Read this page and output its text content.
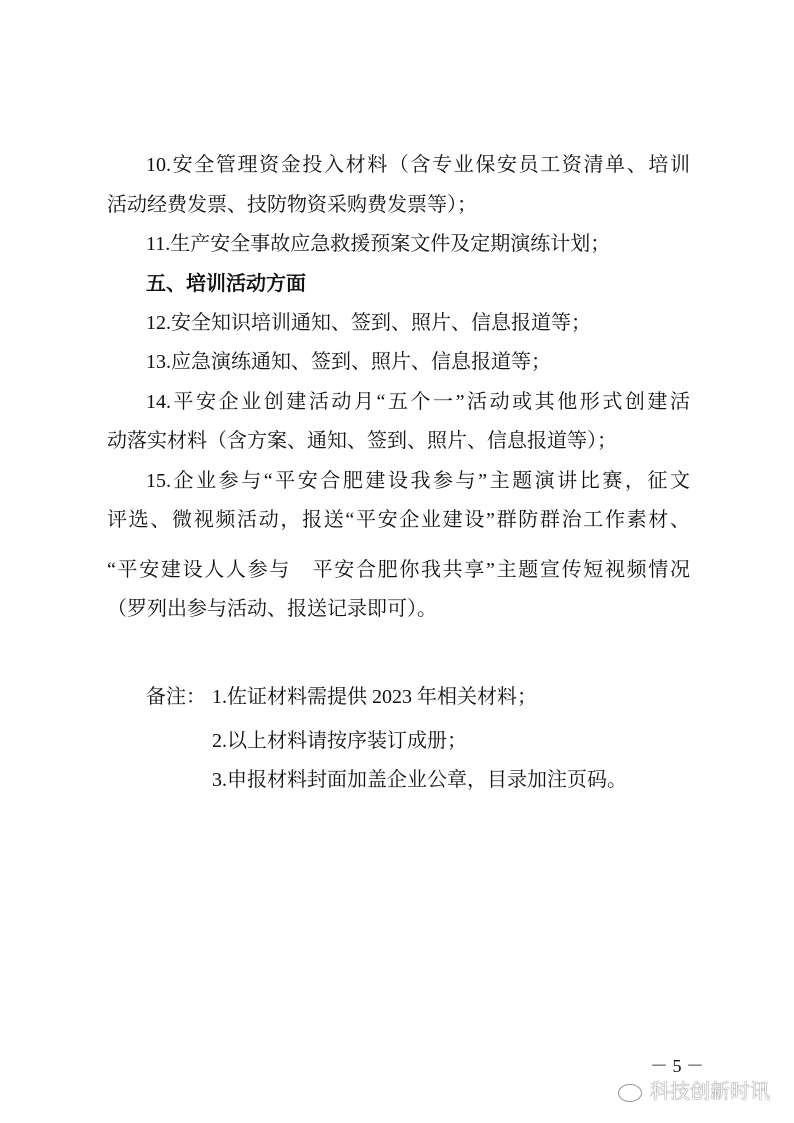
10.安全管理资金投入材料（含专业保安员工资清单、培训
活动经费发票、技防物资采购费发票等）；
11.生产安全事故应急救援预案文件及定期演练计划；
五、培训活动方面
12.安全知识培训通知、签到、照片、信息报道等；
13.应急演练通知、签到、照片、信息报道等；
14.平安企业创建活动月“五个一”活动或其他形式创建活
动落实材料（含方案、通知、签到、照片、信息报道等）；
15.企业参与“平安合肥建设我参与”主题演讲比赛，征文
评选、微视频活动，报送“平安企业建设”群防群治工作素材、
“平安建设人人参与　平安合肥你我共享”主题宣传短视频情况
（罗列出参与活动、报送记录即可）。
备注： 1.佐证材料需提供 2023 年相关材料；
2.以上材料请按序装订成册；
3.申报材料封面加盖企业公章，目录加注页码。
－ 5 －
科技创新时讯
